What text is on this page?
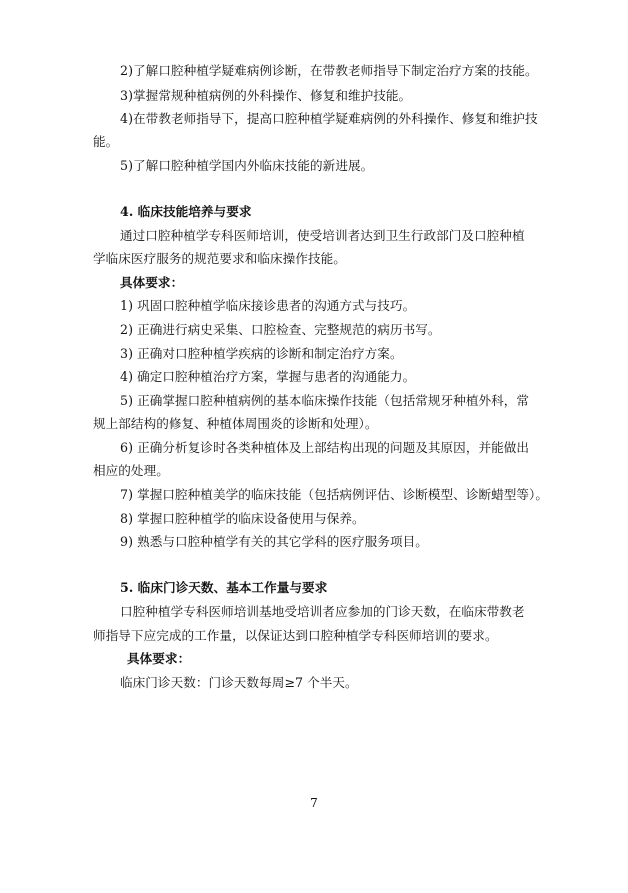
2)了解口腔种植学疑难病例诊断，在带教老师指导下制定治疗方案的技能。
3)掌握常规种植病例的外科操作、修复和维护技能。
4)在带教老师指导下，提高口腔种植学疑难病例的外科操作、修复和维护技
能。
5)了解口腔种植学国内外临床技能的新进展。
4. 临床技能培养与要求
通过口腔种植学专科医师培训，使受培训者达到卫生行政部门及口腔种植
学临床医疗服务的规范要求和临床操作技能。
具体要求：
1) 巩固口腔种植学临床接诊患者的沟通方式与技巧。
2) 正确进行病史采集、口腔检查、完整规范的病历书写。
3) 正确对口腔种植学疾病的诊断和制定治疗方案。
4) 确定口腔种植治疗方案，掌握与患者的沟通能力。
5) 正确掌握口腔种植病例的基本临床操作技能（包括常规牙种植外科，常
规上部结构的修复、种植体周围炎的诊断和处理）。
6) 正确分析复诊时各类种植体及上部结构出现的问题及其原因，并能做出
相应的处理。
7) 掌握口腔种植美学的临床技能（包括病例评估、诊断模型、诊断蜡型等）。
8) 掌握口腔种植学的临床设备使用与保养。
9) 熟悉与口腔种植学有关的其它学科的医疗服务项目。
5. 临床门诊天数、基本工作量与要求
口腔种植学专科医师培训基地受培训者应参加的门诊天数，在临床带教老
师指导下应完成的工作量，以保证达到口腔种植学专科医师培训的要求。
具体要求：
临床门诊天数：门诊天数每周≥7 个半天。
7
